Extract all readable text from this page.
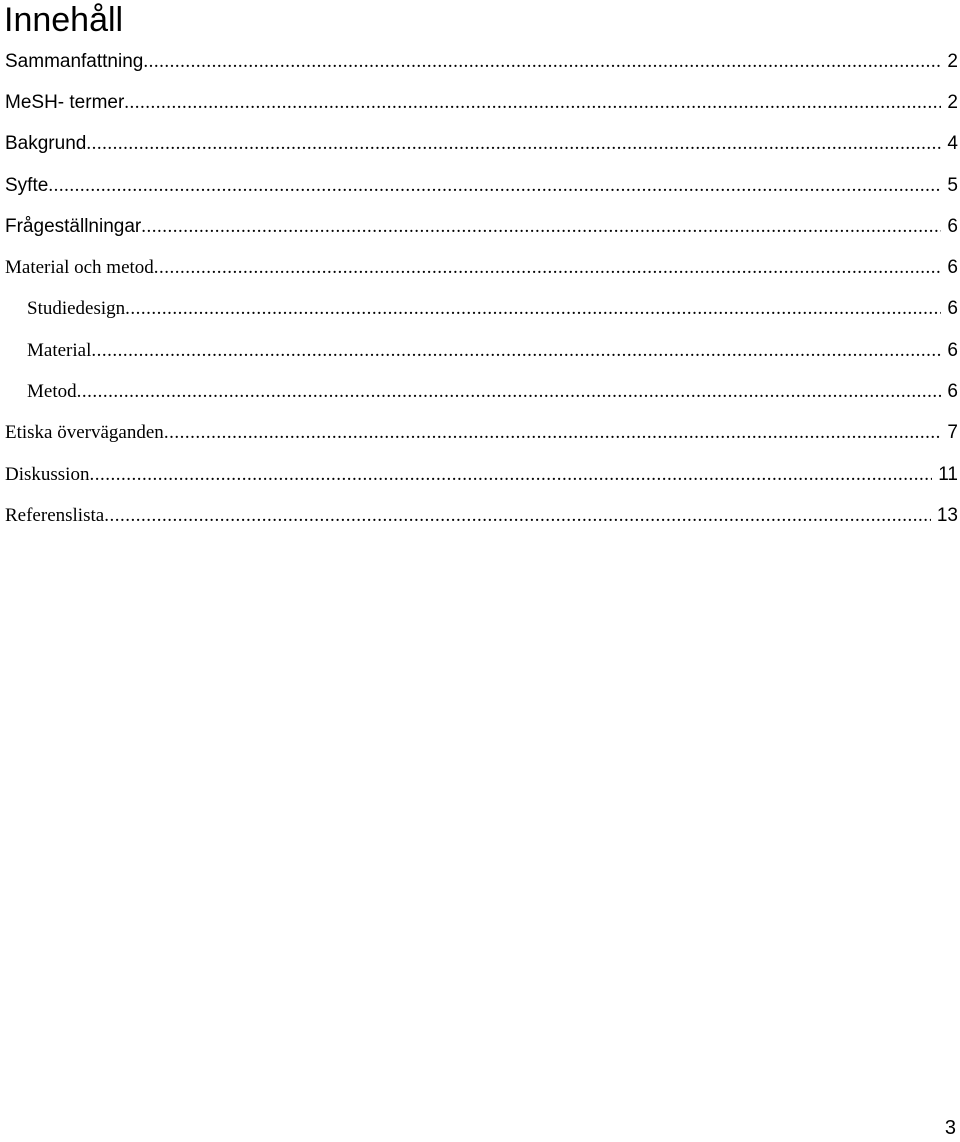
Innehåll
Sammanfattning .....	2
MeSH- termer .....	2
Bakgrund .....	4
Syfte .....	5
Frågeställningar .....	6
Material och metod .....	6
Studiedesign .....	6
Material .....	6
Metod .....	6
Etiska överväganden .....	7
Diskussion .....	11
Referenslista .....	13
3
